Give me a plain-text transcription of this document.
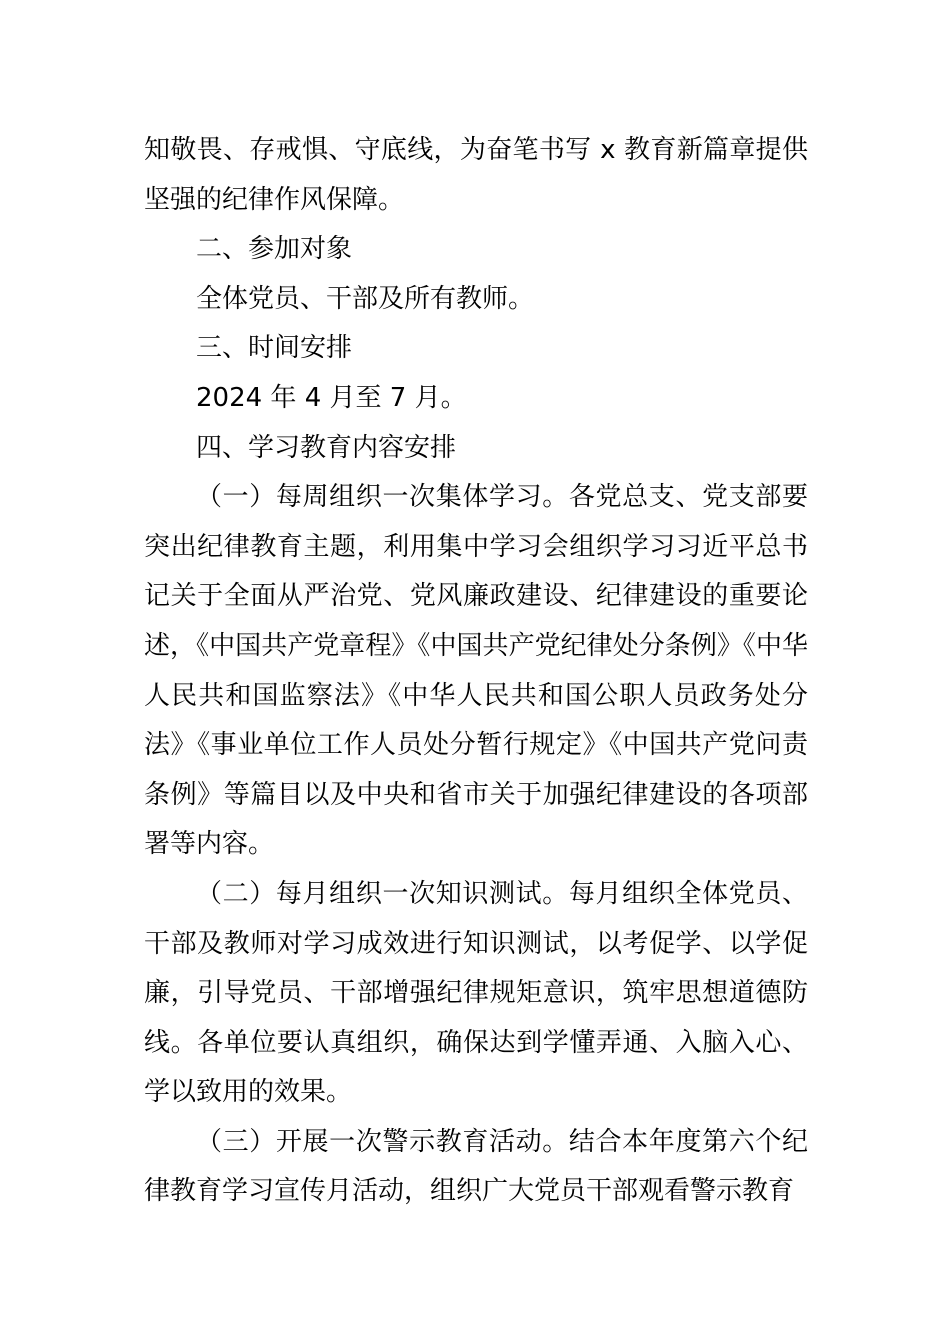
知敬畏、存戒惧、守底线，为奋笔书写 x 教育新篇章提供坚强的纪律作风保障。

二、参加对象

全体党员、干部及所有教师。

三、时间安排

2024 年 4 月至 7 月。

四、学习教育内容安排

（一）每周组织一次集体学习。各党总支、党支部要突出纪律教育主题，利用集中学习会组织学习习近平总书记关于全面从严治党、党风廉政建设、纪律建设的重要论述，《中国共产党章程》《中国共产党纪律处分条例》《中华人民共和国监察法》《中华人民共和国公职人员政务处分法》《事业单位工作人员处分暂行规定》《中国共产党问责条例》等篇目以及中央和省市关于加强纪律建设的各项部署等内容。

（二）每月组织一次知识测试。每月组织全体党员、干部及教师对学习成效进行知识测试，以考促学、以学促廉，引导党员、干部增强纪律规矩意识，筑牢思想道德防线。各单位要认真组织，确保达到学懂弄通、入脑入心、学以致用的效果。

（三）开展一次警示教育活动。结合本年度第六个纪律教育学习宣传月活动，组织广大党员干部观看警示教育
